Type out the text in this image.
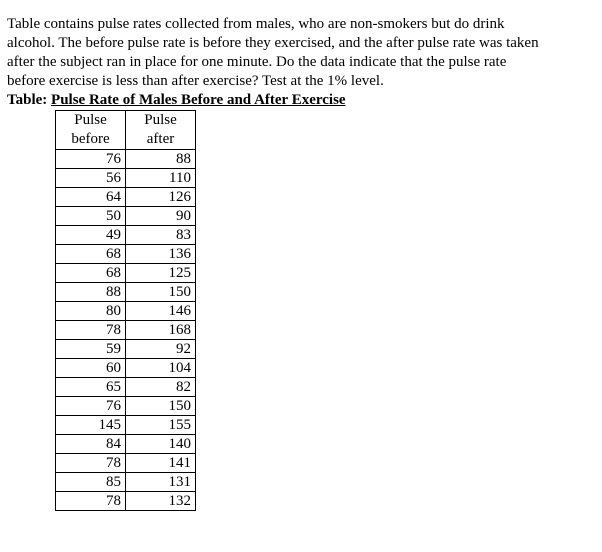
Table contains pulse rates collected from males, who are non-smokers but do drink
alcohol. The before pulse rate is before they exercised, and the after pulse rate was taken
after the subject ran in place for one minute. Do the data indicate that the pulse rate
before exercise is less than after exercise? Test at the 1% level.

Table: Pulse Rate of Males Before and After Exercise

Pulse
before	Pulse
after

76	88
56	110
64	126
50	90
49	83
68	136
68	125
88	150
80	146
78	168
59	92
60	104
65	82
76	150
145	155
84	140
78	141
85	131
78	132
